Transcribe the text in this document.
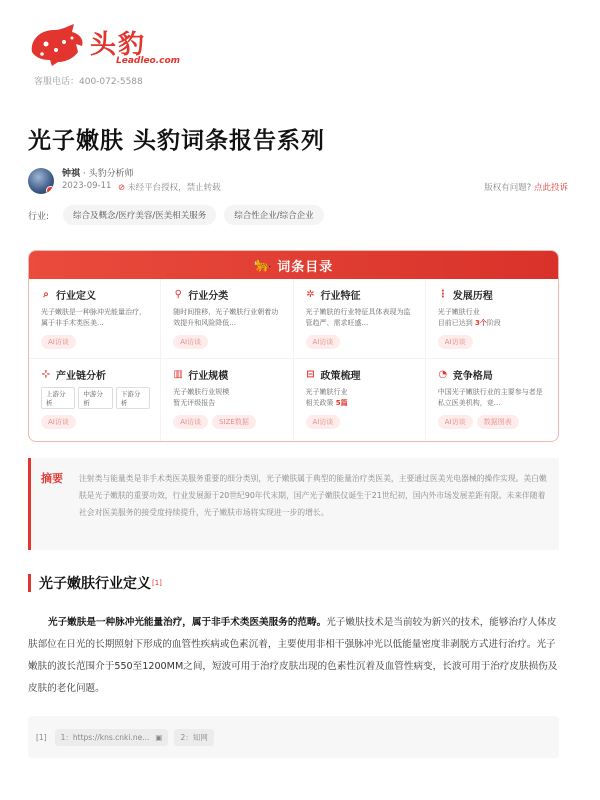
头豹
Leadleo.com
客服电话：400-072-5588
光子嫩肤 头豹词条报告系列
钟祺 · 头豹分析师
2023-09-11 ⊘ 未经平台授权，禁止转载	版权有问题? 点此投诉
行业:	综合及概念/医疗美容/医美相关服务	综合性企业/综合企业
🐆 词条目录
⌕ 行业定义
光子嫩肤是一种脉冲光能量治疗，属于非手术类医美...
AI访谈
⚲ 行业分类
随时间推移，光子嫩肤行业朝着功效提升和风险降低...
AI访谈
✲ 行业特征
光子嫩肤的行业特征具体表现为监管趋严、需求旺盛...
AI访谈
⋮ 发展历程
光子嫩肤行业
目前已达到 3个阶段
AI访谈
⊹ 产业链分析
上游分析
中游分析
下游分析
AI访谈
▥ 行业规模
光子嫩肤行业规模
暂无评级报告
AI访谈	SIZE数据
⊟ 政策梳理
光子嫩肤行业
相关政策 5篇
AI访谈
◔ 竞争格局
中国光子嫩肤行业的主要参与者是私立医美机构，竞...
AI访谈	数据图表
摘要 注射类与能量类是非手术类医美服务重要的细分类别，光子嫩肤属于典型的能量治疗类医美，主要通过医美光电器械的操作实现。美白嫩肤是光子嫩肤的重要功效，行业发展源于20世纪90年代末期，国产光子嫩肤仪诞生于21世纪初，国内外市场发展差距有限。未来伴随着社会对医美服务的接受度持续提升，光子嫩肤市场将实现进一步的增长。
光子嫩肤行业定义 [1]
光子嫩肤是一种脉冲光能量治疗，属于非手术类医美服务的范畴。光子嫩肤技术是当前较为新兴的技术，能够治疗人体皮肤部位在日光的长期照射下形成的血管性疾病或色素沉着，主要使用非相干强脉冲光以低能量密度非剥脱方式进行治疗。光子嫩肤的波长范围介于550至1200MM之间，短波可用于治疗皮肤出现的色素性沉着及血管性病变，长波可用于治疗皮肤损伤及皮肤的老化问题。
[1]	1：https://kns.cnki.ne... ▣	2：知网
